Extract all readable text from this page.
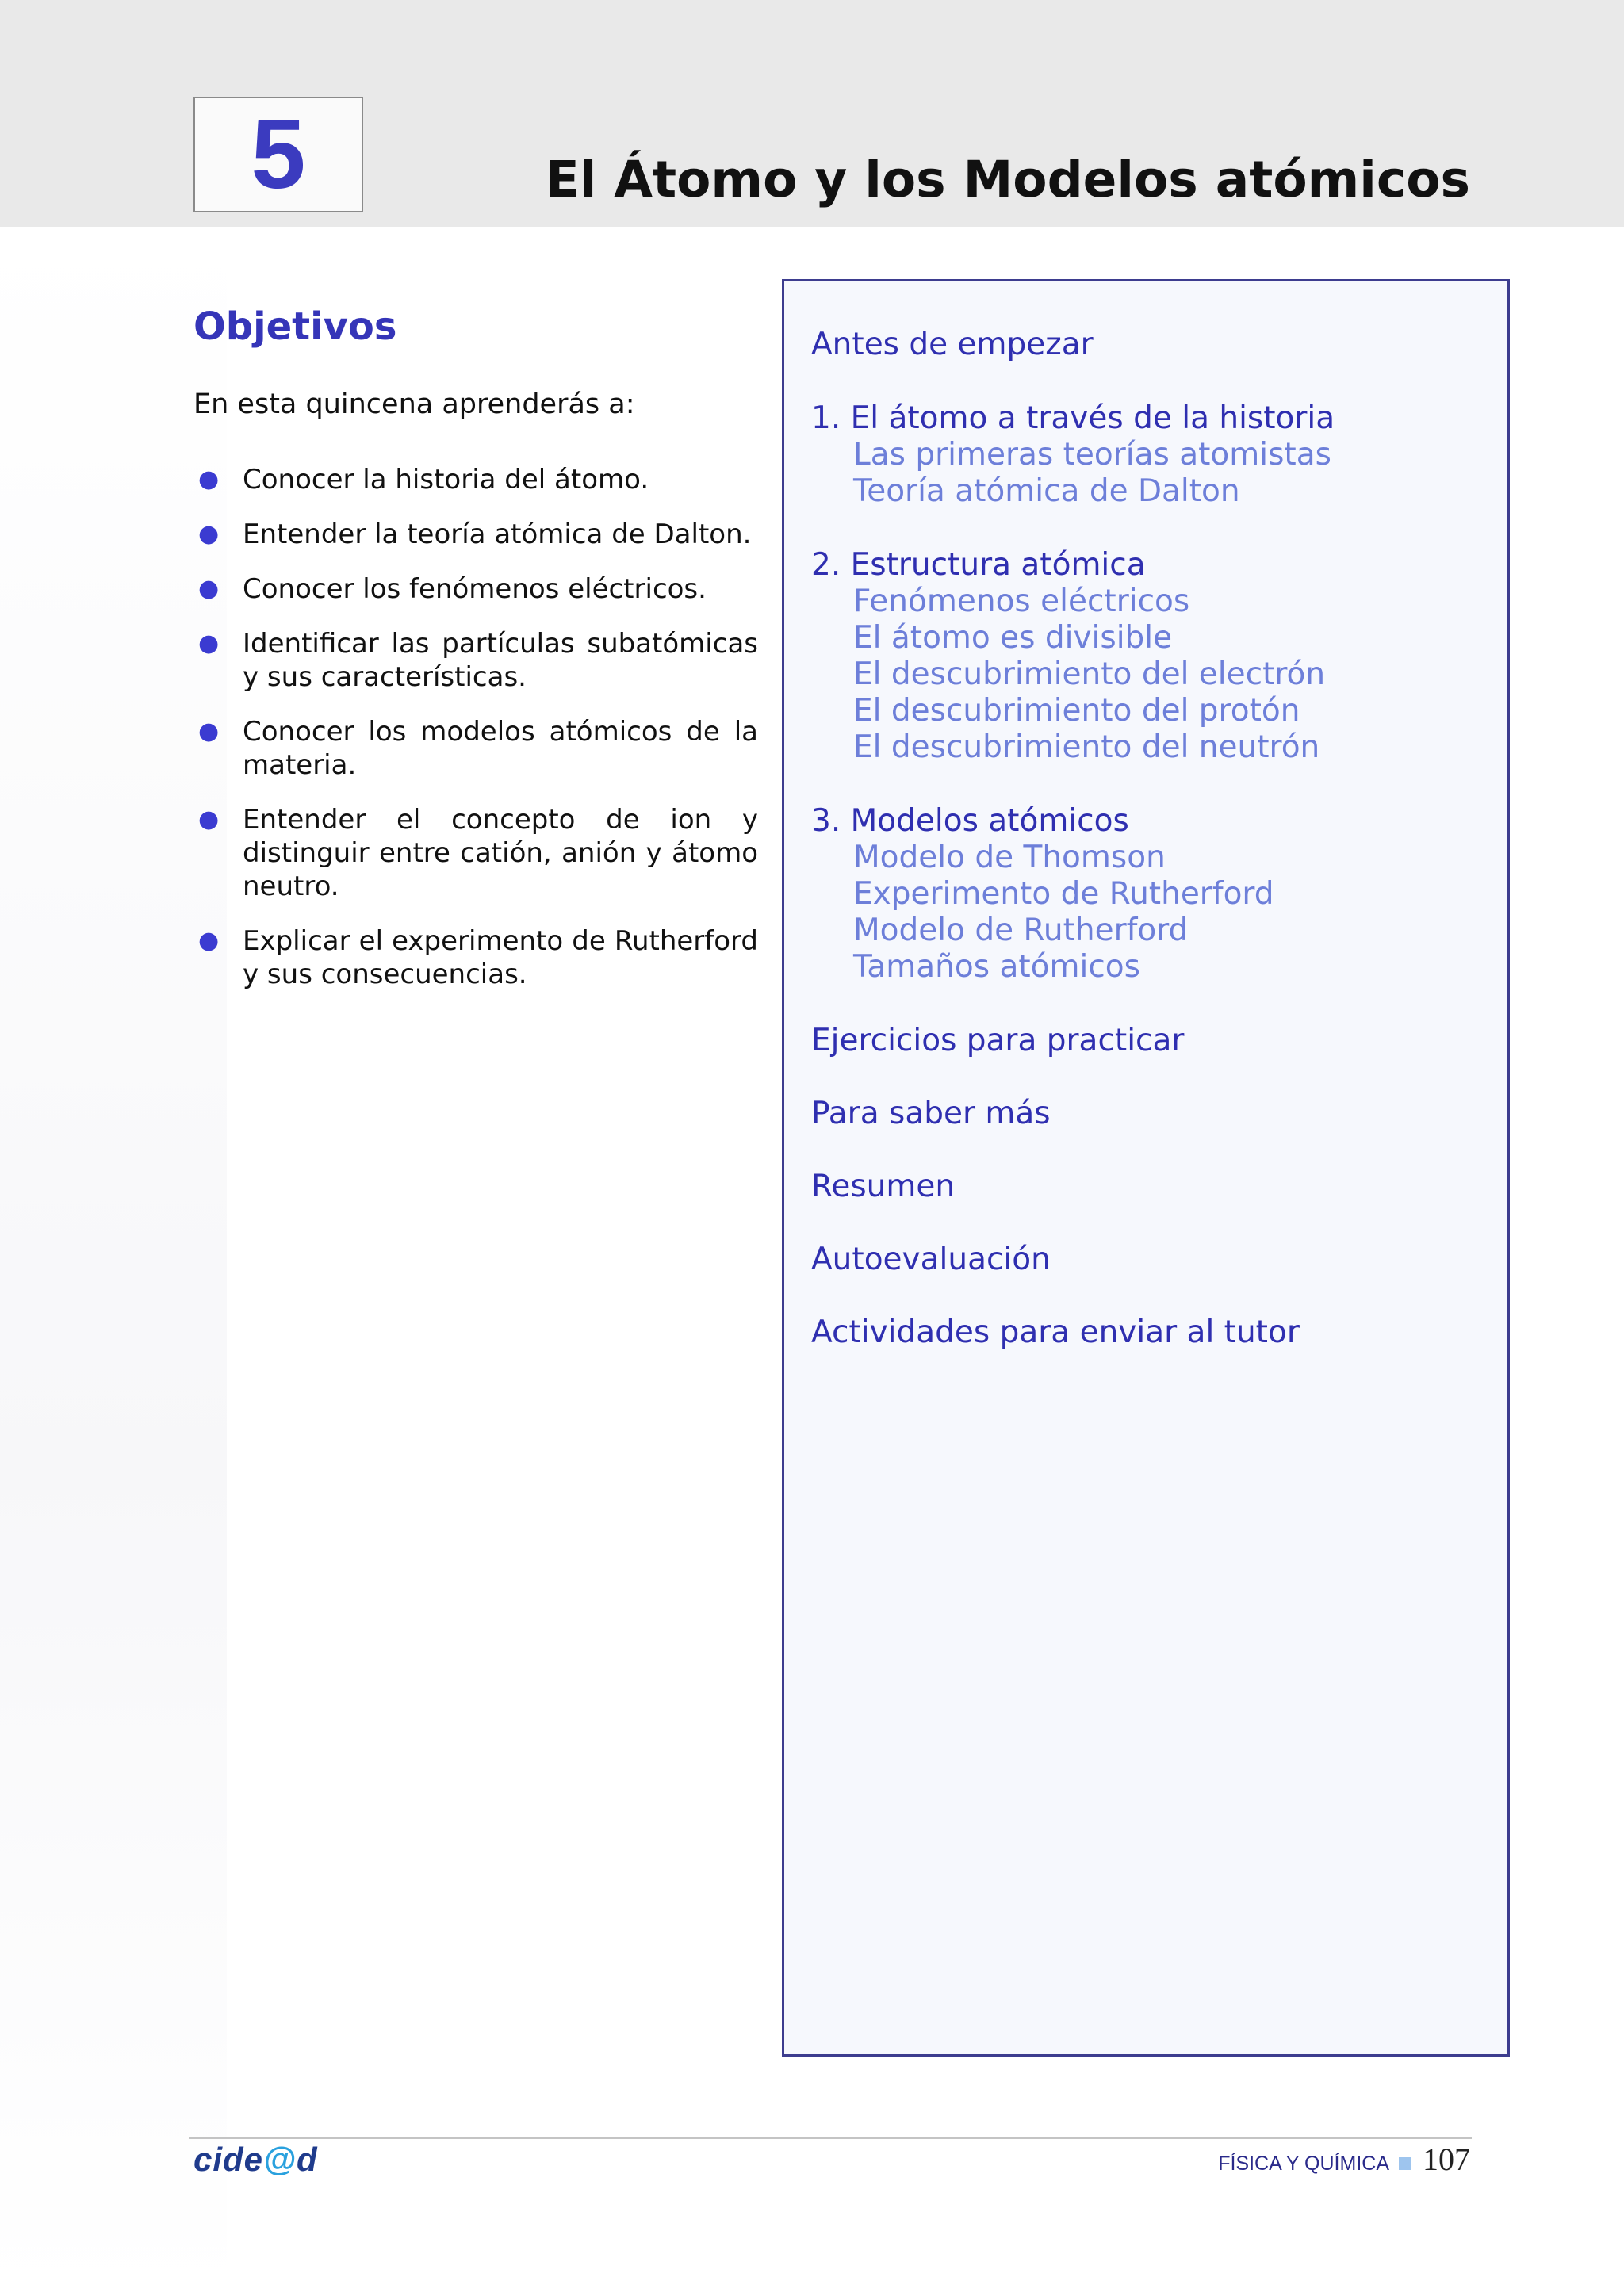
5	El Átomo y los Modelos atómicos
Objetivos
En esta quincena aprenderás a:
● Conocer la historia del átomo.
● Entender la teoría atómica de Dalton.
● Conocer los fenómenos eléctricos.
● Identificar las partículas subatómicas y sus características.
● Conocer los modelos atómicos de la materia.
● Entender el concepto de ion y distinguir entre catión, anión y átomo neutro.
● Explicar el experimento de Rutherford y sus consecuencias.
Antes de empezar
1. El átomo a través de la historia
Las primeras teorías atomistas
Teoría atómica de Dalton
2. Estructura atómica
Fenómenos eléctricos
El átomo es divisible
El descubrimiento del electrón
El descubrimiento del protón
El descubrimiento del neutrón
3. Modelos atómicos
Modelo de Thomson
Experimento de Rutherford
Modelo de Rutherford
Tamaños atómicos
Ejercicios para practicar
Para saber más
Resumen
Autoevaluación
Actividades para enviar al tutor
cide@d	FÍSICA Y QUÍMICA 107
